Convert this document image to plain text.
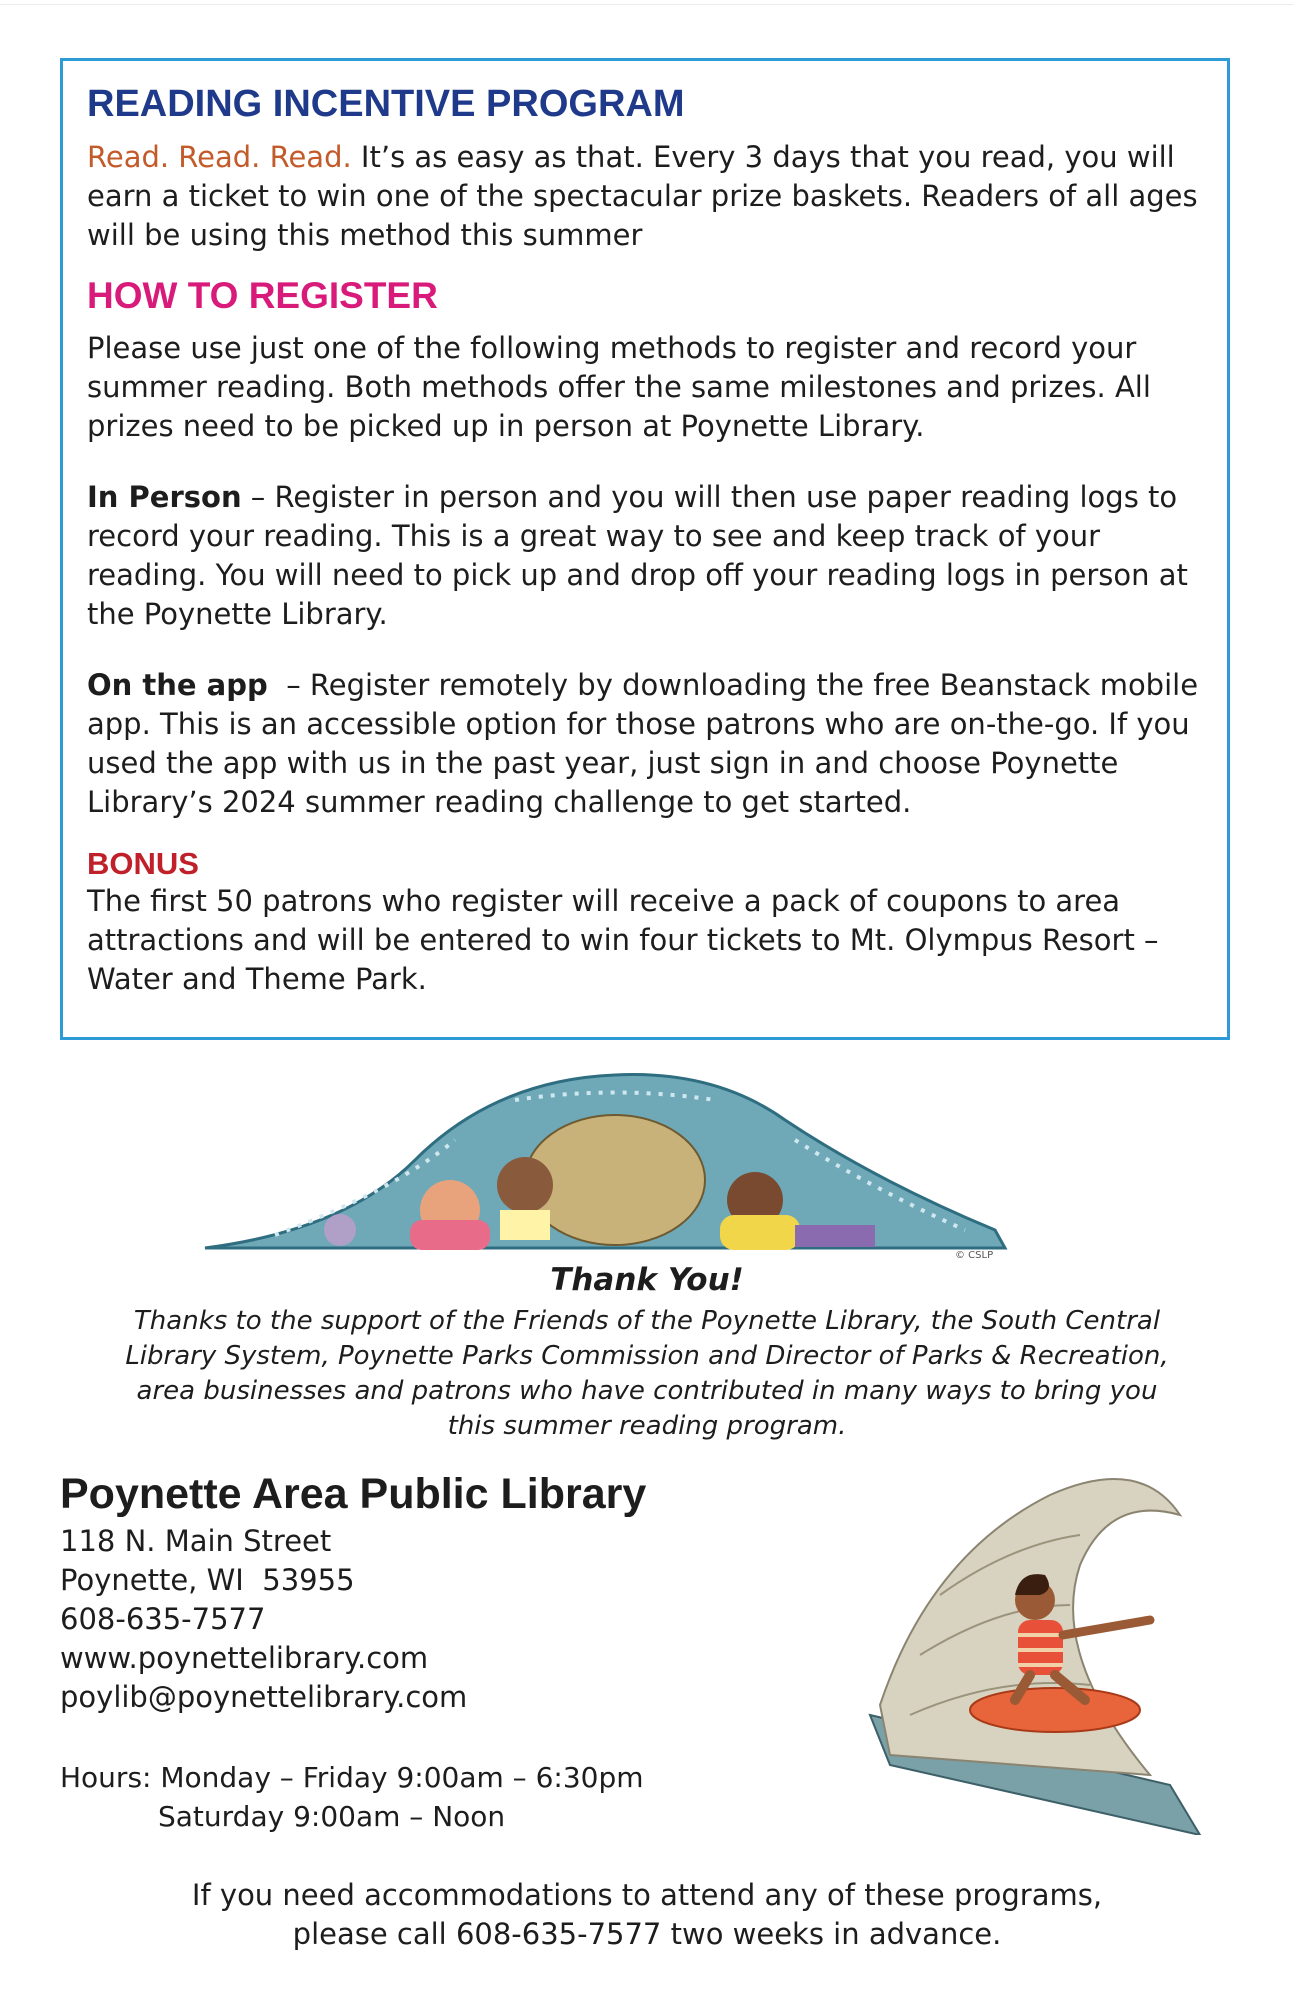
READING INCENTIVE PROGRAM

Read. Read. Read. It’s as easy as that. Every 3 days that you read, you will earn a ticket to win one of the spectacular prize baskets. Readers of all ages will be using this method this summer

HOW TO REGISTER

Please use just one of the following methods to register and record your summer reading. Both methods offer the same milestones and prizes. All prizes need to be picked up in person at Poynette Library.

In Person – Register in person and you will then use paper reading logs to record your reading. This is a great way to see and keep track of your reading. You will need to pick up and drop off your reading logs in person at the Poynette Library.

On the app  – Register remotely by downloading the free Beanstack mobile app. This is an accessible option for those patrons who are on-the-go. If you used the app with us in the past year, just sign in and choose Poynette Library’s 2024 summer reading challenge to get started.

BONUS

The first 50 patrons who register will receive a pack of coupons to area attractions and will be entered to win four tickets to Mt. Olympus Resort – Water and Theme Park.

© CSLP
Thank You!
Thanks to the support of the Friends of the Poynette Library, the South Central Library System, Poynette Parks Commission and Director of Parks & Recreation, area businesses and patrons who have contributed in many ways to bring you this summer reading program.
Poynette Area Public Library
118 N. Main Street
Poynette, WI  53955
608-635-7577
www.poynettelibrary.com
poylib@poynettelibrary.com
Hours: Monday – Friday 9:00am – 6:30pm
Saturday 9:00am – Noon
If you need accommodations to attend any of these programs,
please call 608-635-7577 two weeks in advance.
